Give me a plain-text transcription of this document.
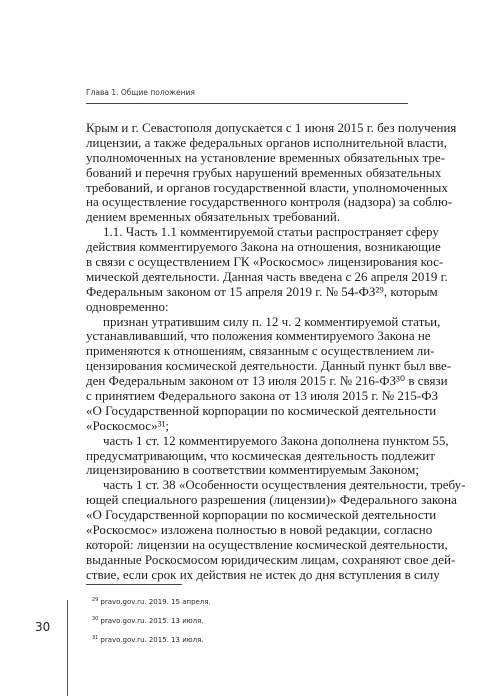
Глава 1. Общие положения
Крым и г. Севастополя допускается с 1 июня 2015 г. без получения
лицензии, а также федеральных органов исполнительной власти,
уполномоченных на установление временных обязательных тре-
бований и перечня грубых нарушений временных обязательных
требований, и органов государственной власти, уполномоченных
на осуществление государственного контроля (надзора) за соблю-
дением временных обязательных требований.
1.1. Часть 1.1 комментируемой статьи распространяет сферу
действия комментируемого Закона на отношения, возникающие
в связи с осуществлением ГК «Роскосмос» лицензирования кос-
мической деятельности. Данная часть введена с 26 апреля 2019 г.
Федеральным законом от 15 апреля 2019 г. № 54-ФЗ²⁹, которым
одновременно:
признан утратившим силу п. 12 ч. 2 комментируемой статьи,
устанавливавший, что положения комментируемого Закона не
применяются к отношениям, связанным с осуществлением ли-
цензирования космической деятельности. Данный пункт был вве-
ден Федеральным законом от 13 июля 2015 г. № 216-ФЗ³⁰ в связи
с принятием Федерального закона от 13 июля 2015 г. № 215-ФЗ
«О Государственной корпорации по космической деятельности
«Роскосмос»³¹;
часть 1 ст. 12 комментируемого Закона дополнена пунктом 55,
предусматривающим, что космическая деятельность подлежит
лицензированию в соответствии комментируемым Законом;
часть 1 ст. 38 «Особенности осуществления деятельности, требу-
ющей специального разрешения (лицензии)» Федерального закона
«О Государственной корпорации по космической деятельности
«Роскосмос» изложена полностью в новой редакции, согласно
которой: лицензии на осуществление космической деятельности,
выданные Роскосмосом юридическим лицам, сохраняют свое дей-
ствие, если срок их действия не истек до дня вступления в силу
$^{29}$ pravo.gov.ru. 2019. 15 апреля.
$^{30}$ pravo.gov.ru. 2015. 13 июля.
$^{31}$ pravo.gov.ru. 2015. 13 июля.
30
